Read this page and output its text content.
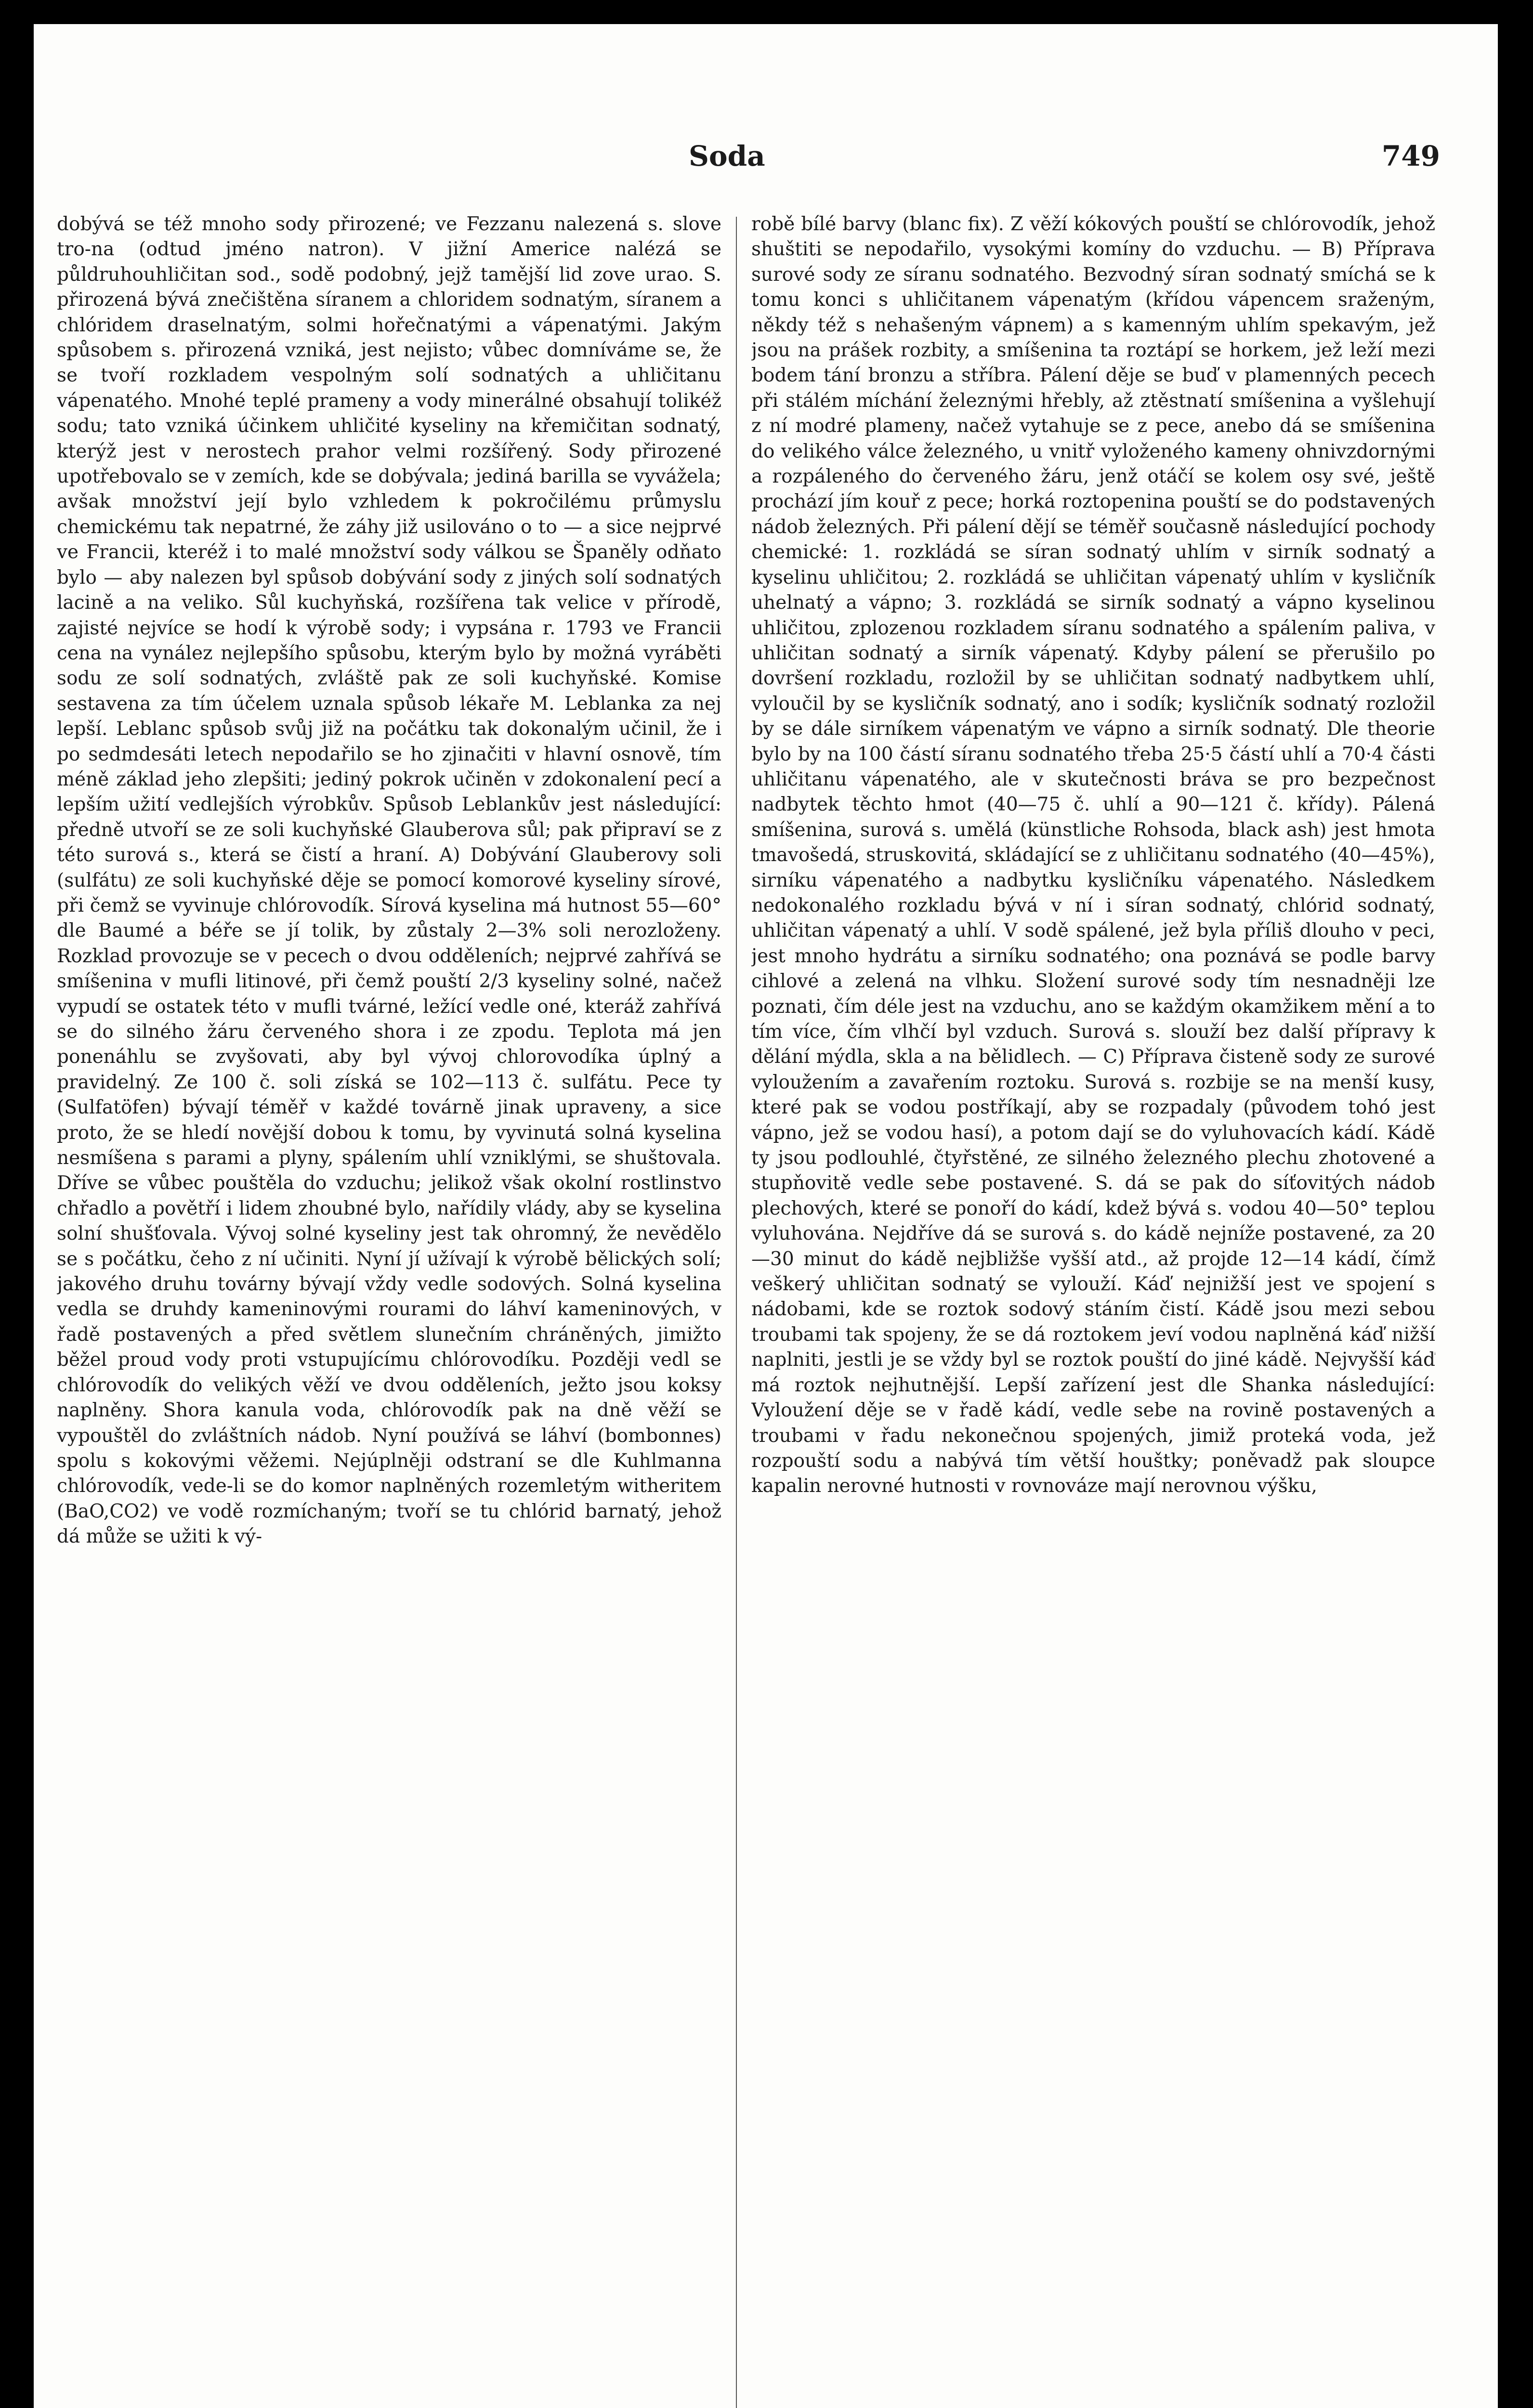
Soda	749

dobývá se též mnoho sody přirozené; ve Fezzanu nalezená s. slove tro-na (odtud jméno natron). V jižní Americe nalézá se půldruhouhličitan sod., sodě podobný, jejž tamější lid zove urao. S. přirozená bývá znečištěna síranem a chloridem sodnatým, síranem a chlóridem draselnatým, solmi hořečnatými a vápenatými. Jakým spůsobem s. přirozená vzniká, jest nejisto; vůbec domníváme se, že se tvoří rozkladem vespolným solí sodnatých a uhličitanu vápenatého. Mnohé teplé prameny a vody minerálné obsahují tolikéž sodu; tato vzniká účinkem uhličité kyseliny na křemičitan sodnatý, kterýž jest v nerostech prahor velmi rozšířený. Sody přirozené upotřebovalo se v zemích, kde se dobývala; jediná barilla se vyvážela; avšak množství její bylo vzhledem k pokročilému průmyslu chemickému tak nepatrné, že záhy již usilováno o to — a sice nejprvé ve Francii, kteréž i to malé množství sody válkou se Španěly odňato bylo — aby nalezen byl spůsob dobývání sody z jiných solí sodnatých lacině a na veliko. Sůl kuchyňská, rozšířena tak velice v přírodě, zajisté nejvíce se hodí k výrobě sody; i vypsána r. 1793 ve Francii cena na vynález nejlepšího spůsobu, kterým bylo by možná vyráběti sodu ze solí sodnatých, zvláště pak ze soli kuchyňské. Komise sestavena za tím účelem uznala spůsob lékaře M. Leblanka za nej lepší. Leblanc spůsob svůj již na počátku tak dokonalým učinil, že i po sedmdesáti letech nepodařilo se ho zjinačiti v hlavní osnově, tím méně základ jeho zlepšiti; jediný pokrok učiněn v zdokonalení pecí a lepším užití vedlejších výrobkův. Spůsob Leblankův jest následující: předně utvoří se ze soli kuchyňské Glauberova sůl; pak připraví se z této surová s., která se čistí a hraní. A) Dobývání Glauberovy soli (sulfátu) ze soli kuchyňské děje se pomocí komorové kyseliny sírové, při čemž se vyvinuje chlórovodík. Sírová kyselina má hutnost 55—60° dle Baumé a béře se jí tolik, by zůstaly 2—3% soli nerozloženy. Rozklad provozuje se v pecech o dvou odděleních; nejprvé zahřívá se smíšenina v mufli litinové, při čemž pouští 2/3 kyseliny solné, načež vypudí se ostatek této v mufli tvárné, ležící vedle oné, kteráž zahřívá se do silného žáru červeného shora i ze zpodu. Teplota má jen ponenáhlu se zvyšovati, aby byl vývoj chlorovodíka úplný a pravidelný. Ze 100 č. soli získá se 102—113 č. sulfátu. Pece ty (Sulfatöfen) bývají téměř v každé továrně jinak upraveny, a sice proto, že se hledí novější dobou k tomu, by vyvinutá solná kyselina nesmíšena s parami a plyny, spálením uhlí vzniklými, se shuštovala. Dříve se vůbec pouštěla do vzduchu; jelikož však okolní rostlinstvo chřadlo a povětří i lidem zhoubné bylo, nařídily vlády, aby se kyselina solní shušťovala. Vývoj solné kyseliny jest tak ohromný, že nevědělo se s počátku, čeho z ní učiniti. Nyní jí užívají k výrobě bělických solí; jakového druhu továrny bývají vždy vedle sodových. Solná kyselina vedla se druhdy kameninovými rourami do láhví kameninových, v řadě postavených a před světlem slunečním chráněných, jimižto běžel proud vody proti vstupujícímu chlórovodíku. Později vedl se chlórovodík do velikých věží ve dvou odděleních, ježto jsou koksy naplněny. Shora kanula voda, chlórovodík pak na dně věží se vypouštěl do zvláštních nádob. Nyní používá se láhví (bombonnes) spolu s kokovými věžemi. Nejúplněji odstraní se dle Kuhlmanna chlórovodík, vede-li se do komor naplněných rozemletým witheritem (BaO,CO2) ve vodě rozmíchaným; tvoří se tu chlórid barnatý, jehož dá může se užiti k vý-

robě bílé barvy (blanc fix). Z věží kókových pouští se chlórovodík, jehož shuštiti se nepodařilo, vysokými komíny do vzduchu. — B) Příprava surové sody ze síranu sodnatého. Bezvodný síran sodnatý smíchá se k tomu konci s uhličitanem vápenatým (křídou vápencem sraženým, někdy též s nehašeným vápnem) a s kamenným uhlím spekavým, jež jsou na prášek rozbity, a smíšenina ta roztápí se horkem, jež leží mezi bodem tání bronzu a stříbra. Pálení děje se buď v plamenných pecech při stálém míchání železnými hřebly, až ztěstnatí smíšenina a vyšlehují z ní modré plameny, načež vytahuje se z pece, anebo dá se smíšenina do velikého válce železného, u vnitř vyloženého kameny ohnivzdornými a rozpáleného do červeného žáru, jenž otáčí se kolem osy své, ještě prochází jím kouř z pece; horká roztopenina pouští se do podstavených nádob železných. Při pálení dějí se téměř současně následující pochody chemické: 1. rozkládá se síran sodnatý uhlím v sirník sodnatý a kyselinu uhličitou; 2. rozkládá se uhličitan vápenatý uhlím v kysličník uhelnatý a vápno; 3. rozkládá se sirník sodnatý a vápno kyselinou uhličitou, zplozenou rozkladem síranu sodnatého a spálením paliva, v uhličitan sodnatý a sirník vápenatý. Kdyby pálení se přerušilo po dovršení rozkladu, rozložil by se uhličitan sodnatý nadbytkem uhlí, vyloučil by se kysličník sodnatý, ano i sodík; kysličník sodnatý rozložil by se dále sirníkem vápenatým ve vápno a sirník sodnatý. Dle theorie bylo by na 100 částí síranu sodnatého třeba 25·5 částí uhlí a 70·4 části uhličitanu vápenatého, ale v skutečnosti bráva se pro bezpečnost nadbytek těchto hmot (40—75 č. uhlí a 90—121 č. křídy). Pálená smíšenina, surová s. umělá (künstliche Rohsoda, black ash) jest hmota tmavošedá, struskovitá, skládající se z uhličitanu sodnatého (40—45%), sirníku vápenatého a nadbytku kysličníku vápenatého. Následkem nedokonalého rozkladu bývá v ní i síran sodnatý, chlórid sodnatý, uhličitan vápenatý a uhlí. V sodě spálené, jež byla příliš dlouho v peci, jest mnoho hydrátu a sirníku sodnatého; ona poznává se podle barvy cihlové a zelená na vlhku. Složení surové sody tím nesnadněji lze poznati, čím déle jest na vzduchu, ano se každým okamžikem mění a to tím více, čím vlhčí byl vzduch. Surová s. slouží bez další přípravy k dělání mýdla, skla a na bělidlech. — C) Příprava čisteně sody ze surové vyloužením a zavařením roztoku. Surová s. rozbije se na menší kusy, které pak se vodou postříkají, aby se rozpadaly (původem tohó jest vápno, jež se vodou hasí), a potom dají se do vyluhovacích kádí. Kádě ty jsou podlouhlé, čtyřstěné, ze silného železného plechu zhotovené a stupňovitě vedle sebe postavené. S. dá se pak do síťovitých nádob plechových, které se ponoří do kádí, kdež bývá s. vodou 40—50° teplou vyluhována. Nejdříve dá se surová s. do kádě nejníže postavené, za 20—30 minut do kádě nejbližše vyšší atd., až projde 12—14 kádí, čímž veškerý uhličitan sodnatý se vylouží. Káď nejnižší jest ve spojení s nádobami, kde se roztok sodový stáním čistí. Kádě jsou mezi sebou troubami tak spojeny, že se dá roztokem jeví vodou naplněná káď nižší naplniti, jestli je se vždy byl se roztok pouští do jiné kádě. Nejvyšší káď má roztok nejhutnější. Lepší zařízení jest dle Shanka následující: Vyloužení děje se v řadě kádí, vedle sebe na rovině postavených a troubami v řadu nekonečnou spojených, jimiž proteká voda, jež rozpouští sodu a nabývá tím větší houštky; poněvadž pak sloupce kapalin nerovné hutnosti v rovnováze mají nerovnou výšku,
